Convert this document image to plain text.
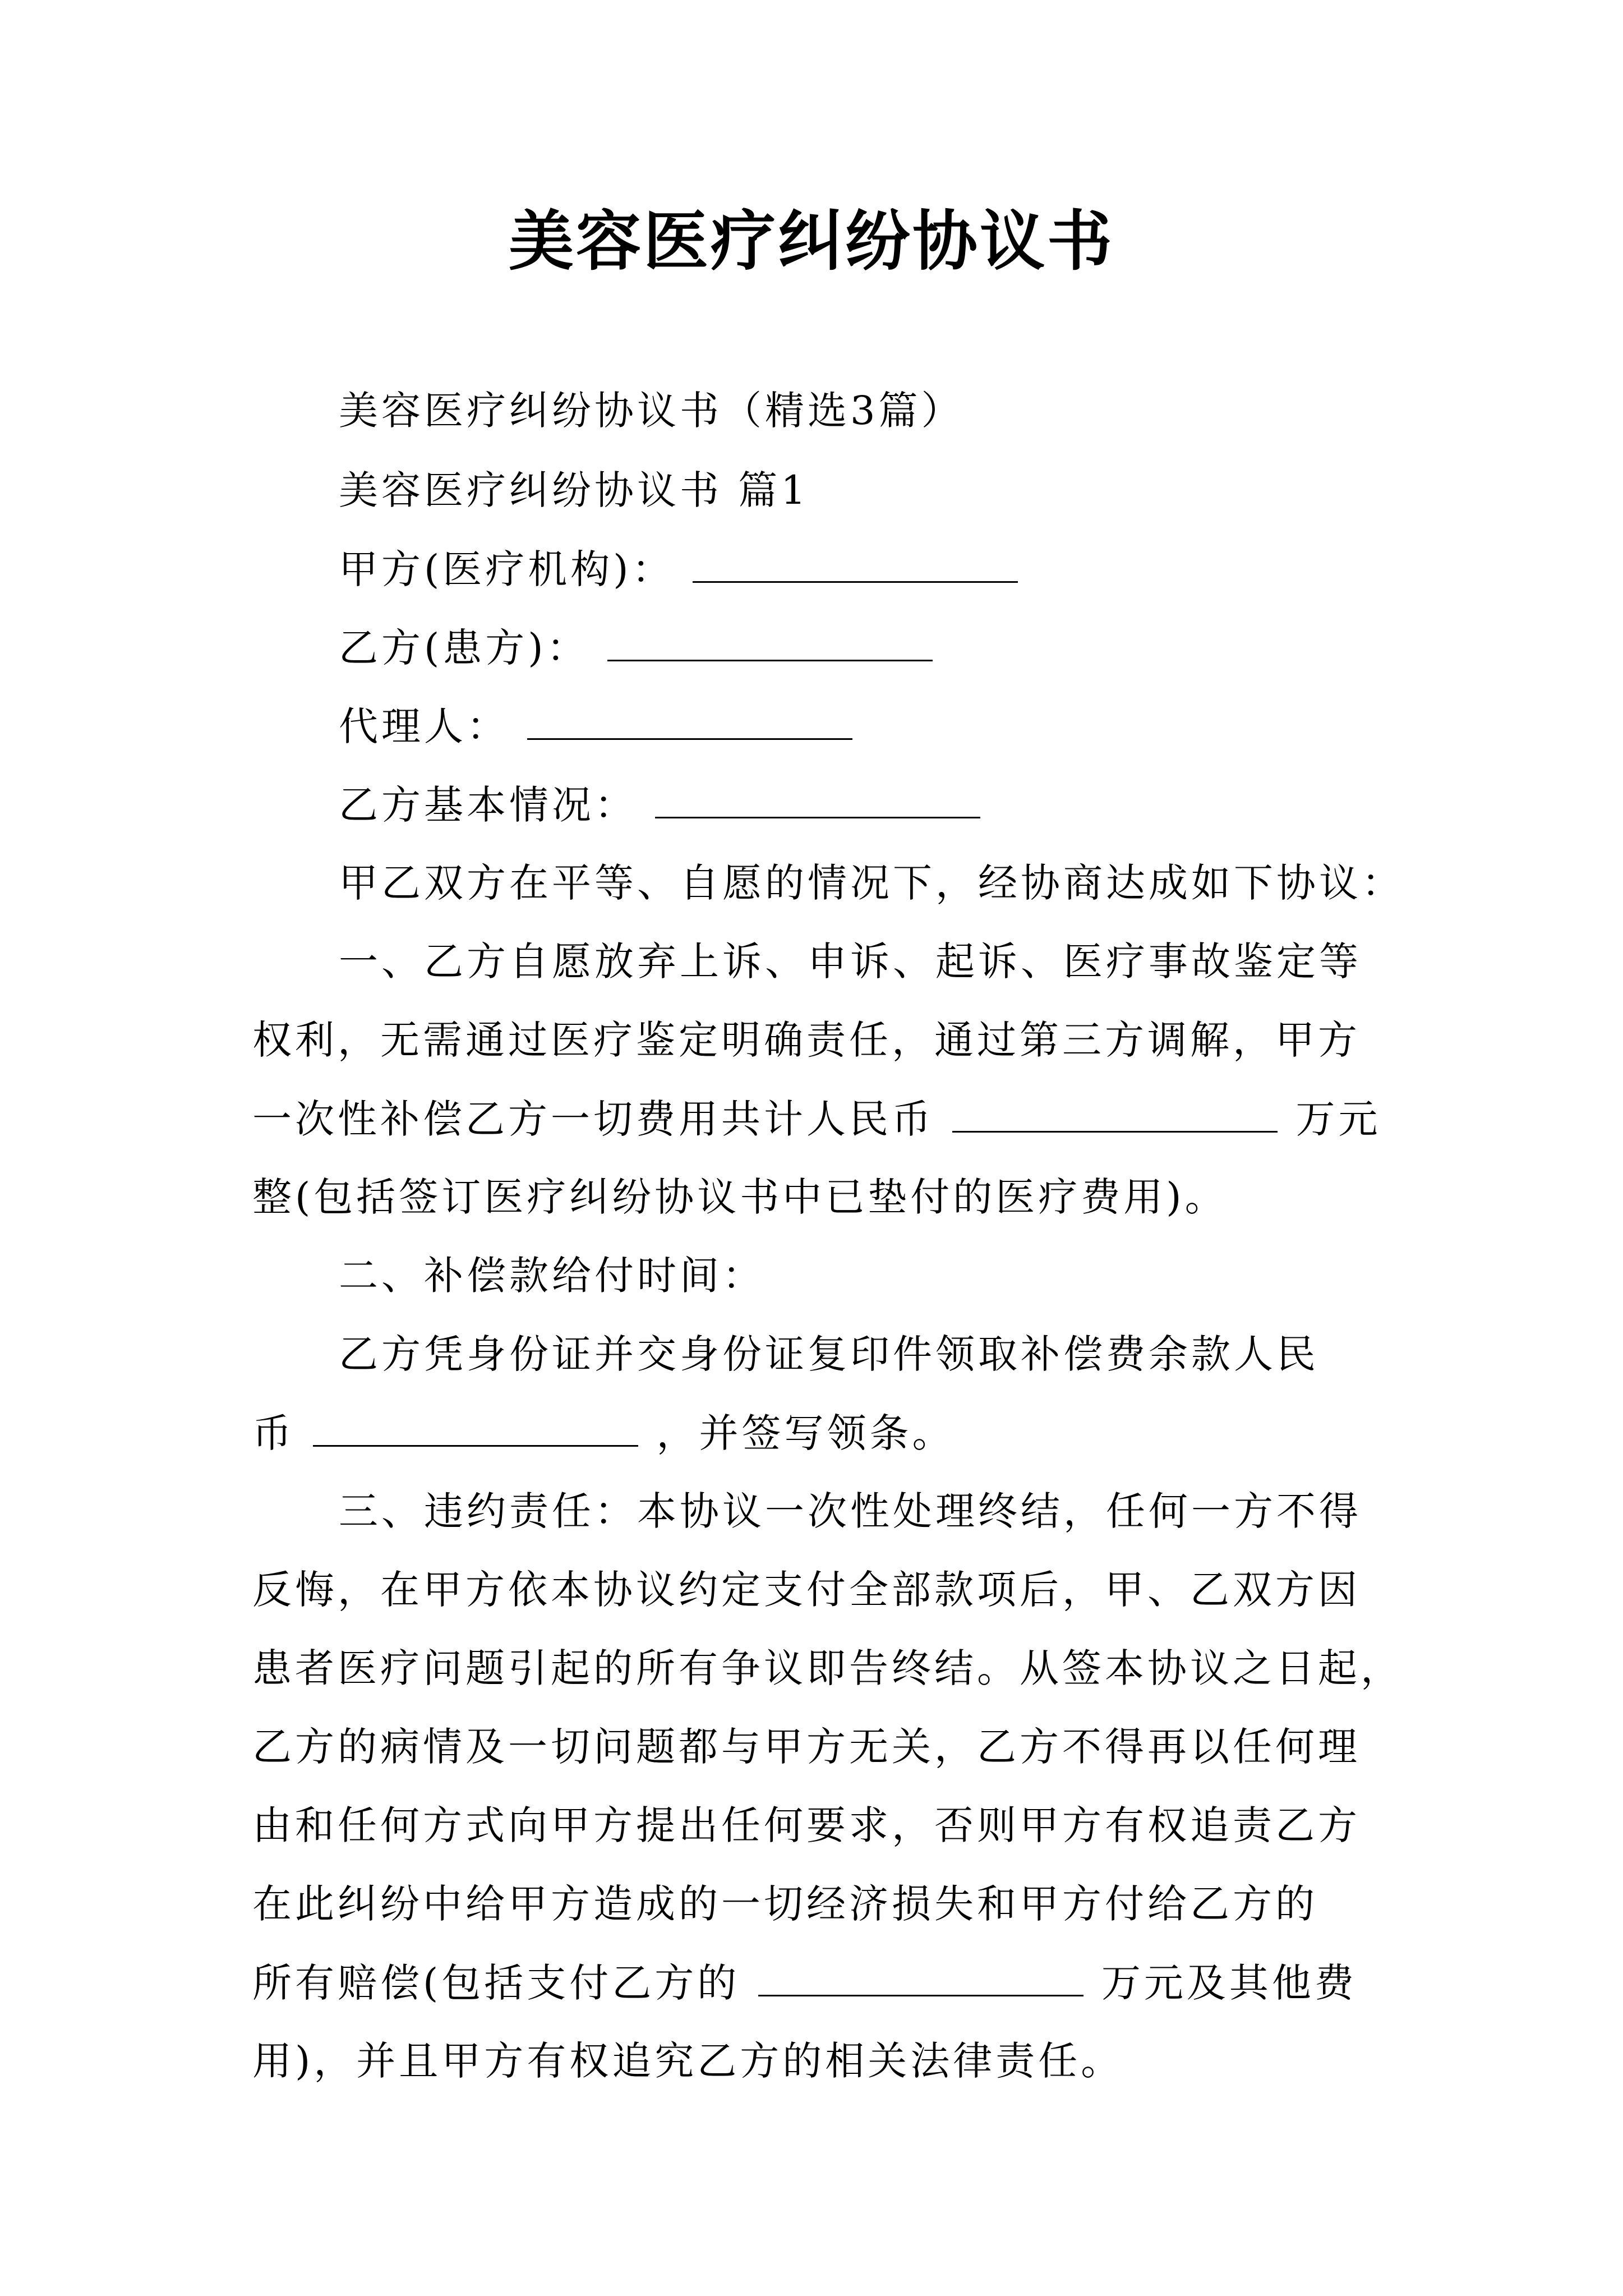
美容医疗纠纷协议书
美容医疗纠纷协议书（精选3篇）
美容医疗纠纷协议书 篇1
甲方(医疗机构)：
乙方(患方)：
代理人：
乙方基本情况：
甲乙双方在平等、自愿的情况下，经协商达成如下协议：
一、乙方自愿放弃上诉、申诉、起诉、医疗事故鉴定等
权利，无需通过医疗鉴定明确责任，通过第三方调解，甲方
一次性补偿乙方一切费用共计人民币	万元
整(包括签订医疗纠纷协议书中已垫付的医疗费用)。
二、补偿款给付时间：
乙方凭身份证并交身份证复印件领取补偿费余款人民
币	，并签写领条。
三、违约责任：本协议一次性处理终结，任何一方不得
反悔，在甲方依本协议约定支付全部款项后，甲、乙双方因
患者医疗问题引起的所有争议即告终结。从签本协议之日起，
乙方的病情及一切问题都与甲方无关，乙方不得再以任何理
由和任何方式向甲方提出任何要求，否则甲方有权追责乙方
在此纠纷中给甲方造成的一切经济损失和甲方付给乙方的
所有赔偿(包括支付乙方的	万元及其他费
用)，并且甲方有权追究乙方的相关法律责任。
